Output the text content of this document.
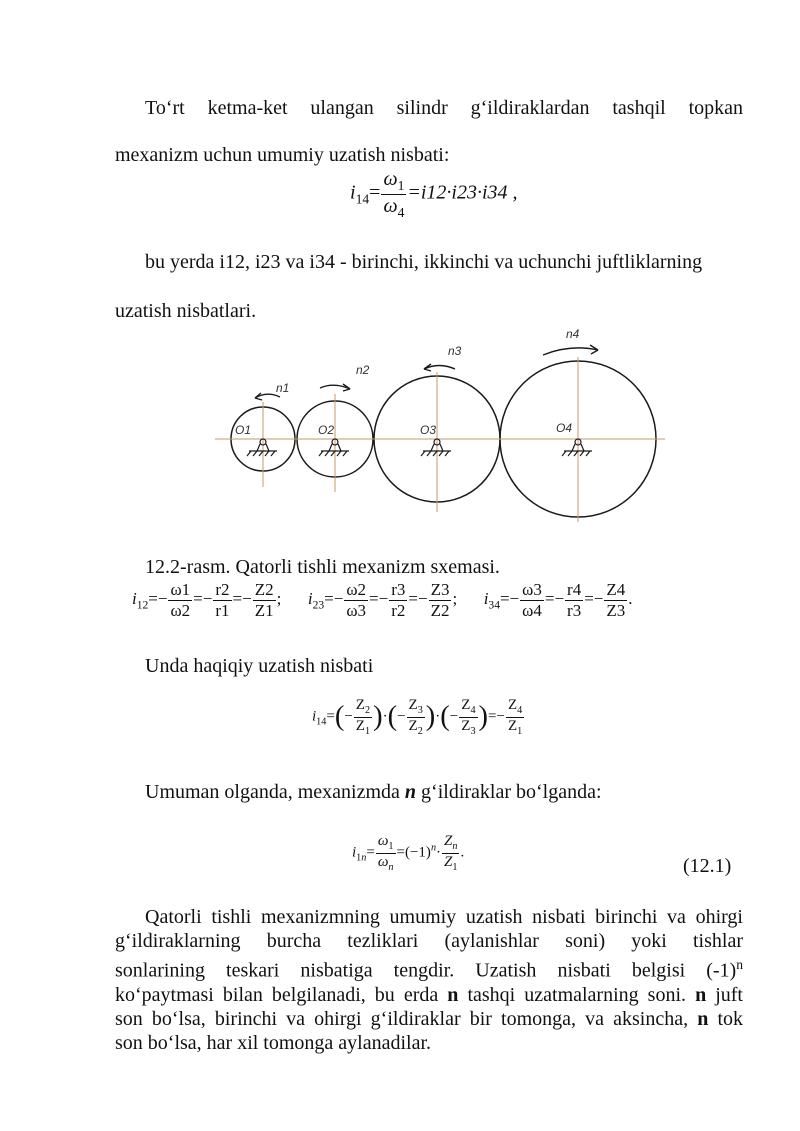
To‘rt ketma-ket ulangan silindr g‘ildiraklardan tashqil topkan

mexanizm uchun umumiy uzatish nisbati:

$i_{14}= \frac{\omega_1}{\omega_4} =i12\cdot i23\cdot i34$ ,

bu yerda i12, i23 va i34 - birinchi, ikkinchi va uchunchi juftliklarning

uzatish nisbatlari.

n1
n2
n3
n4
O1	O2	O3	O4

12.2-rasm. Qatorli tishli mexanizm sxemasi.

$i_{12}=- \frac{\omega 1}{\omega 2} =- \frac{r2}{r1} =- \frac{Z2}{Z1}$ ;  $i_{23}=- \frac{\omega 2}{\omega 3} =- \frac{r3}{r2} =- \frac{Z3}{Z2}$ ;  $i_{34}=- \frac{\omega 3}{\omega 4} =- \frac{r4}{r3} =- \frac{Z4}{Z3}$ .

Unda haqiqiy uzatish nisbati

$i_{14}=(- \frac{Z_2}{Z_1}$ )·(− $\frac{Z_3}{Z_2}$ )·(− $\frac{Z_4}{Z_3}$ )=− $\frac{Z_4}{Z_1}$

Umuman olganda, mexanizmda n g‘ildiraklar bo‘lganda:

$i_{1n}= \frac{\omega_1}{\omega_n} =(-1)^n\cdot \frac{Z_n}{Z_1}$ .
(12.1)
Qatorli tishli mexanizmning umumiy uzatish nisbati birinchi va ohirgi
g‘ildiraklarning burcha tezliklari (aylanishlar soni) yoki tishlar
sonlarining teskari nisbatiga tengdir. Uzatish nisbati belgisi $(-1)^n$
ko‘paytmasi bilan belgilanadi, bu erda n tashqi uzatmalarning soni. n juft
son bo‘lsa, birinchi va ohirgi g‘ildiraklar bir tomonga, va aksincha, n tok
son bo‘lsa, har xil tomonga aylanadilar.
